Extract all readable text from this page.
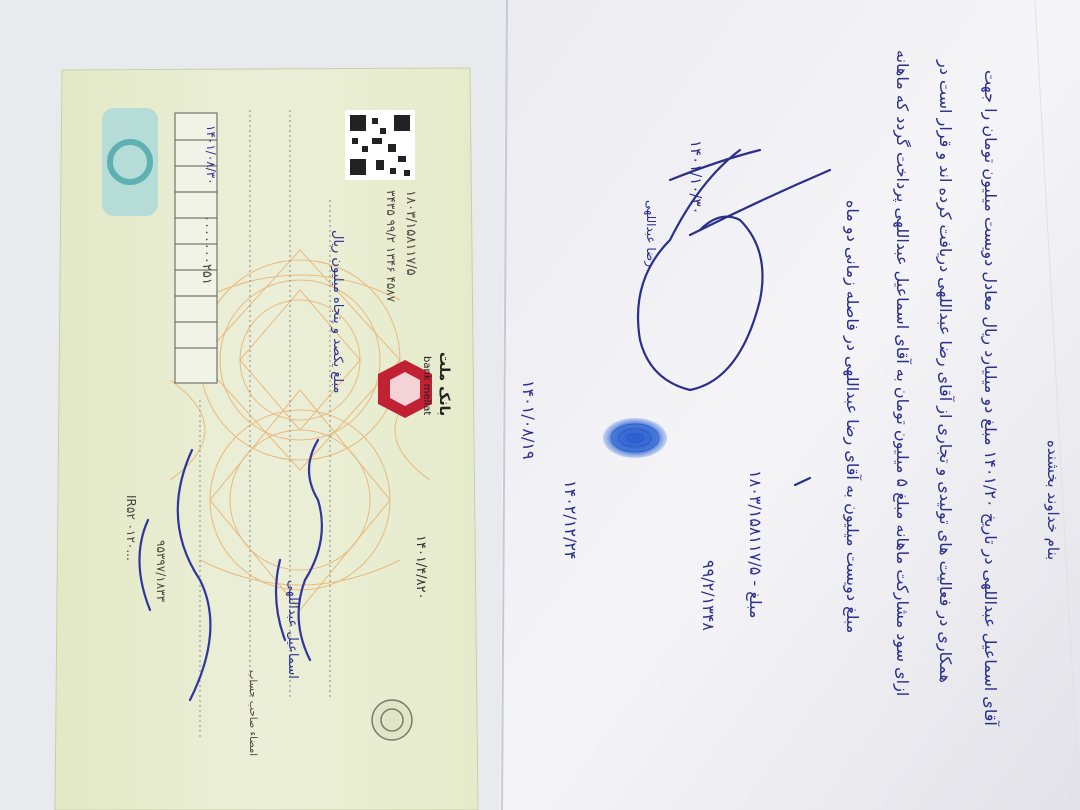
بنام خداوند بخشنده
آقای اسماعیل عبداللهی در تاریخ ۱۴۰۱/۲۰ مبلغ دو میلیارد ریال معادل دویست میلیون تومان را جهت
همکاری در فعالیت های تولیدی و تجاری از آقای رضا عبداللهی دریافت کرده اند و قرار است در
ازای سود مشارکت ماهانه مبلغ ۵ میلیون تومان به آقای اسماعیل عبداللهی پرداخت گردد که ماهانه
مبلغ دویست میلیون به آقای رضا عبداللهی در فاصله زمانی دو ماه
مبلغ - ۱۸۰۳/۱۵۸۱۱۷/۵
۹۹/۲/۱۳۴۸
۱۴۰۲/۱۲/۲۴
۱۴۰۱/۰۸/۱۹
۱۴۰۱/۱۰/۳۰
رضا عبداللهی
بانک ملت
bank mellat
۱۸۰۳/۱۵۸۱۱۷/۵
۳۴۳۵ ۹۹/۲ ۱۳۴۶ ۴۵۸۷
۱۴۰۱/۴/۸۲۰
مبلغ یکصد و پنجاه میلیون ریال
اسماعیل عبداللهی
۱۴۰۱/۰۸/۳۰
۰۰۰۰۰۰۰۲۵۱
۹۵۳۹۷/۱۸۳۳
امضاء صاحب حساب
IR۵۲ ۰۱۲۰...
